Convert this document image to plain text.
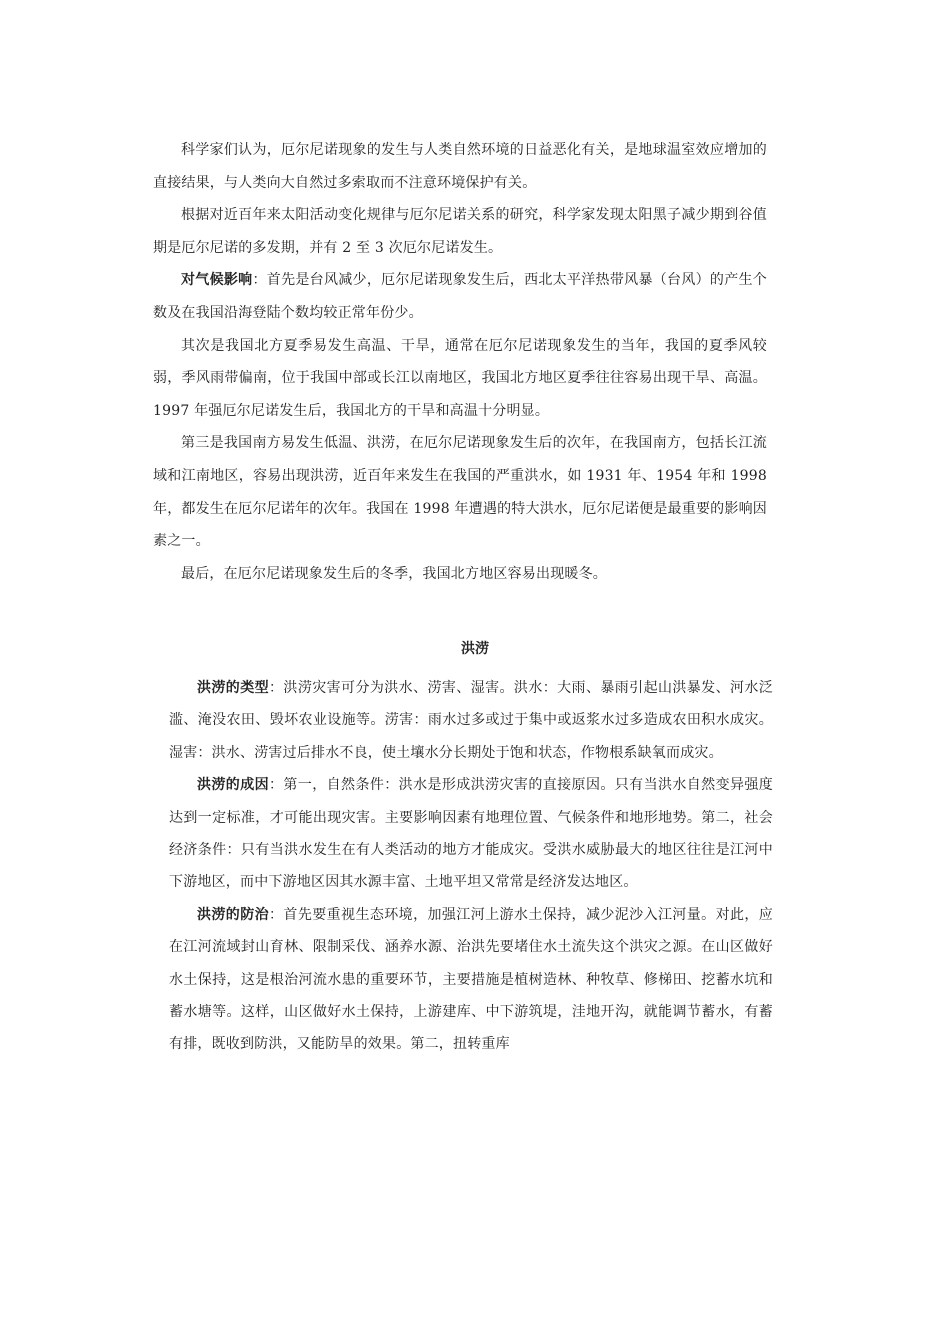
科学家们认为，厄尔尼诺现象的发生与人类自然环境的日益恶化有关，是地球温室效应增加的直接结果，与人类向大自然过多索取而不注意环境保护有关。

根据对近百年来太阳活动变化规律与厄尔尼诺关系的研究，科学家发现太阳黑子减少期到谷值期是厄尔尼诺的多发期，并有 2 至 3 次厄尔尼诺发生。

对气候影响：首先是台风减少，厄尔尼诺现象发生后，西北太平洋热带风暴（台风）的产生个数及在我国沿海登陆个数均较正常年份少。

其次是我国北方夏季易发生高温、干旱，通常在厄尔尼诺现象发生的当年，我国的夏季风较弱，季风雨带偏南，位于我国中部或长江以南地区，我国北方地区夏季往往容易出现干旱、高温。1997 年强厄尔尼诺发生后，我国北方的干旱和高温十分明显。

第三是我国南方易发生低温、洪涝，在厄尔尼诺现象发生后的次年，在我国南方，包括长江流域和江南地区，容易出现洪涝，近百年来发生在我国的严重洪水，如 1931 年、1954 年和 1998 年，都发生在厄尔尼诺年的次年。我国在 1998 年遭遇的特大洪水，厄尔尼诺便是最重要的影响因素之一。

最后，在厄尔尼诺现象发生后的冬季，我国北方地区容易出现暖冬。

洪涝

洪涝的类型：洪涝灾害可分为洪水、涝害、湿害。洪水：大雨、暴雨引起山洪暴发、河水泛滥、淹没农田、毁坏农业设施等。涝害：雨水过多或过于集中或返浆水过多造成农田积水成灾。湿害：洪水、涝害过后排水不良，使土壤水分长期处于饱和状态，作物根系缺氧而成灾。

洪涝的成因：第一，自然条件：洪水是形成洪涝灾害的直接原因。只有当洪水自然变异强度达到一定标准，才可能出现灾害。主要影响因素有地理位置、气候条件和地形地势。第二，社会经济条件：只有当洪水发生在有人类活动的地方才能成灾。受洪水威胁最大的地区往往是江河中下游地区，而中下游地区因其水源丰富、土地平坦又常常是经济发达地区。

洪涝的防治：首先要重视生态环境，加强江河上游水土保持，减少泥沙入江河量。对此，应在江河流域封山育林、限制采伐、涵养水源、治洪先要堵住水土流失这个洪灾之源。在山区做好水土保持，这是根治河流水患的重要环节，主要措施是植树造林、种牧草、修梯田、挖蓄水坑和蓄水塘等。这样，山区做好水土保持，上游建库、中下游筑堤，洼地开沟，就能调节蓄水，有蓄有排，既收到防洪，又能防旱的效果。第二，扭转重库
